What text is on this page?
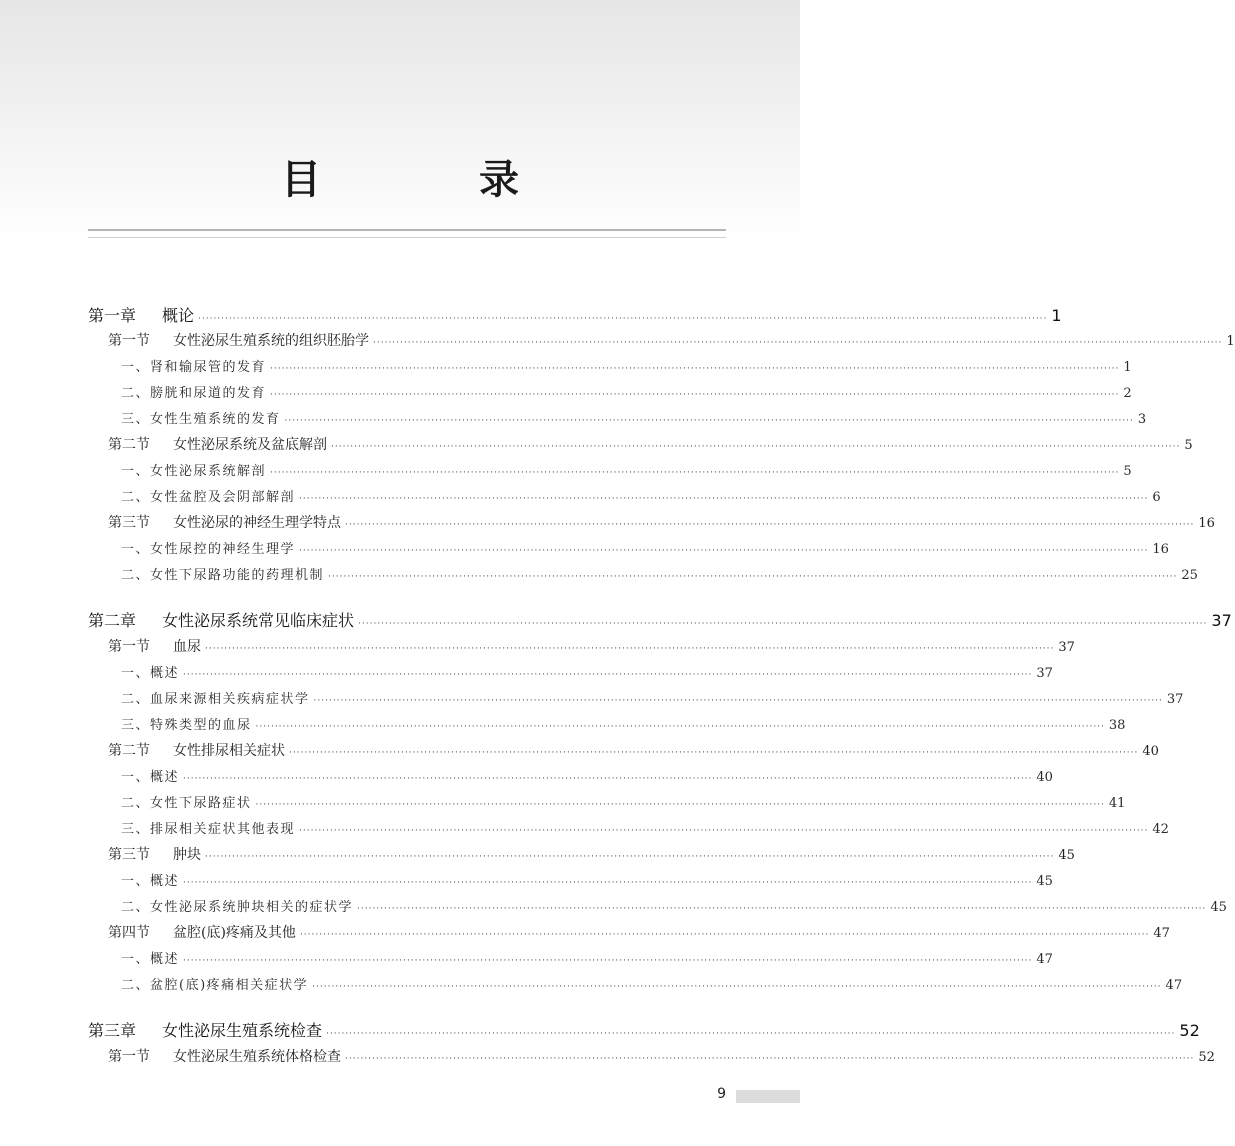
目 录
第一章	概论 ···························································································································································································································· 1
第一节	女性泌尿生殖系统的组织胚胎学 ···························································································································································································································· 1
一、肾和输尿管的发育 ···························································································································································································································· 1
二、膀胱和尿道的发育 ···························································································································································································································· 2
三、女性生殖系统的发育 ···························································································································································································································· 3
第二节	女性泌尿系统及盆底解剖 ···························································································································································································································· 5
一、女性泌尿系统解剖 ···························································································································································································································· 5
二、女性盆腔及会阴部解剖 ···························································································································································································································· 6
第三节	女性泌尿的神经生理学特点 ···························································································································································································································· 16
一、女性尿控的神经生理学 ···························································································································································································································· 16
二、女性下尿路功能的药理机制 ···························································································································································································································· 25
第二章	女性泌尿系统常见临床症状 ···························································································································································································································· 37
第一节	血尿 ···························································································································································································································· 37
一、概述 ···························································································································································································································· 37
二、血尿来源相关疾病症状学 ···························································································································································································································· 37
三、特殊类型的血尿 ···························································································································································································································· 38
第二节	女性排尿相关症状 ···························································································································································································································· 40
一、概述 ···························································································································································································································· 40
二、女性下尿路症状 ···························································································································································································································· 41
三、排尿相关症状其他表现 ···························································································································································································································· 42
第三节	肿块 ···························································································································································································································· 45
一、概述 ···························································································································································································································· 45
二、女性泌尿系统肿块相关的症状学 ···························································································································································································································· 45
第四节	盆腔(底)疼痛及其他 ···························································································································································································································· 47
一、概述 ···························································································································································································································· 47
二、盆腔(底)疼痛相关症状学 ···························································································································································································································· 47
第三章	女性泌尿生殖系统检查 ···························································································································································································································· 52
第一节	女性泌尿生殖系统体格检查 ···························································································································································································································· 52
9
